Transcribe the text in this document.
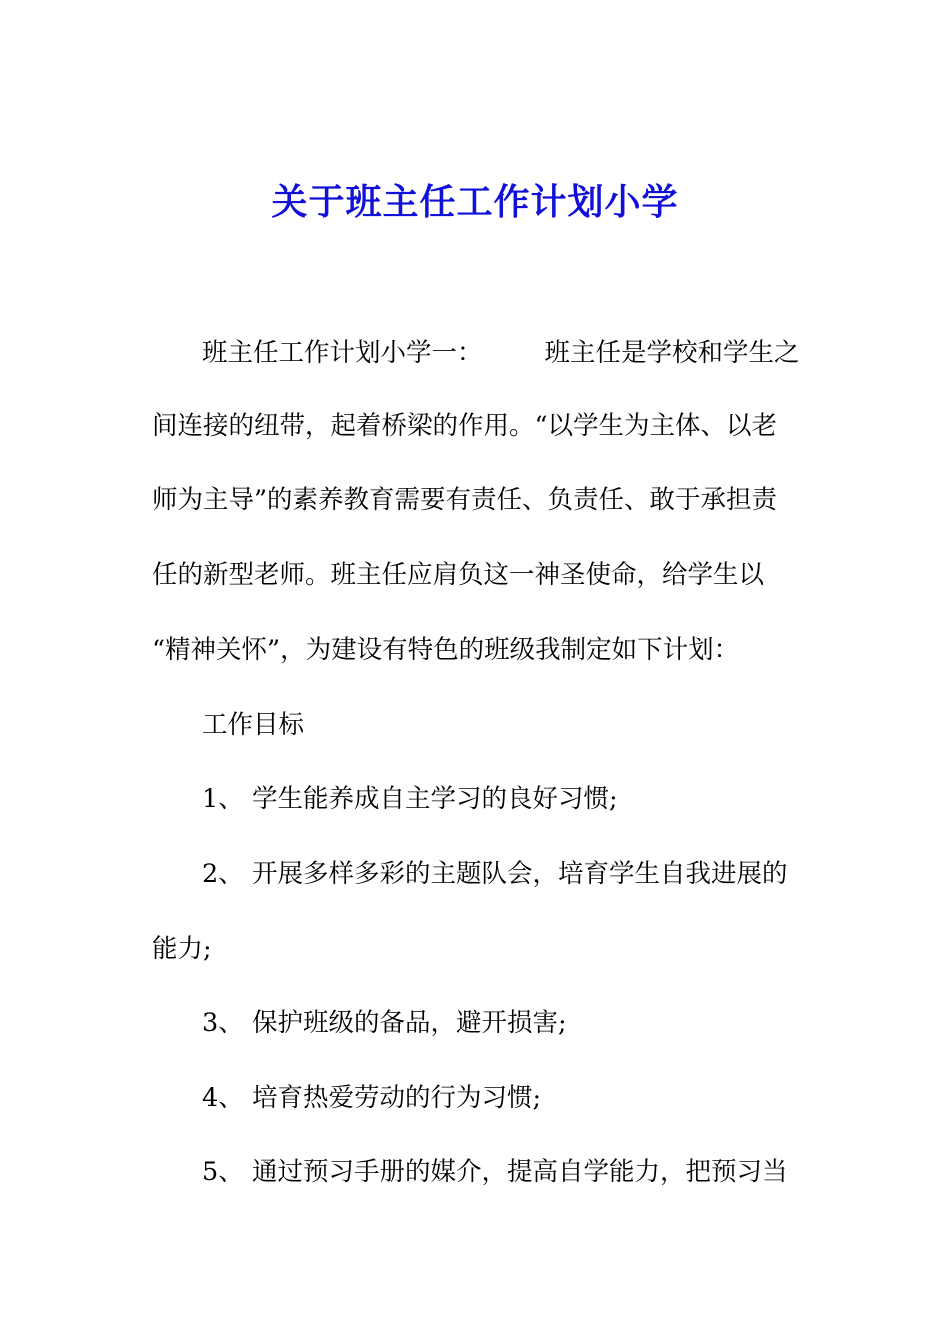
关于班主任工作计划小学
班主任工作计划小学一： 班主任是学校和学生之
间连接的纽带，起着桥梁的作用。“以学生为主体、以老
师为主导”的素养教育需要有责任、负责任、敢于承担责
任的新型老师。班主任应肩负这一神圣使命，给学生以
“精神关怀”，为建设有特色的班级我制定如下计划：
工作目标
1、 学生能养成自主学习的良好习惯;
2、 开展多样多彩的主题队会，培育学生自我进展的
能力;
3、 保护班级的备品，避开损害;
4、 培育热爱劳动的行为习惯;
5、 通过预习手册的媒介，提高自学能力，把预习当
